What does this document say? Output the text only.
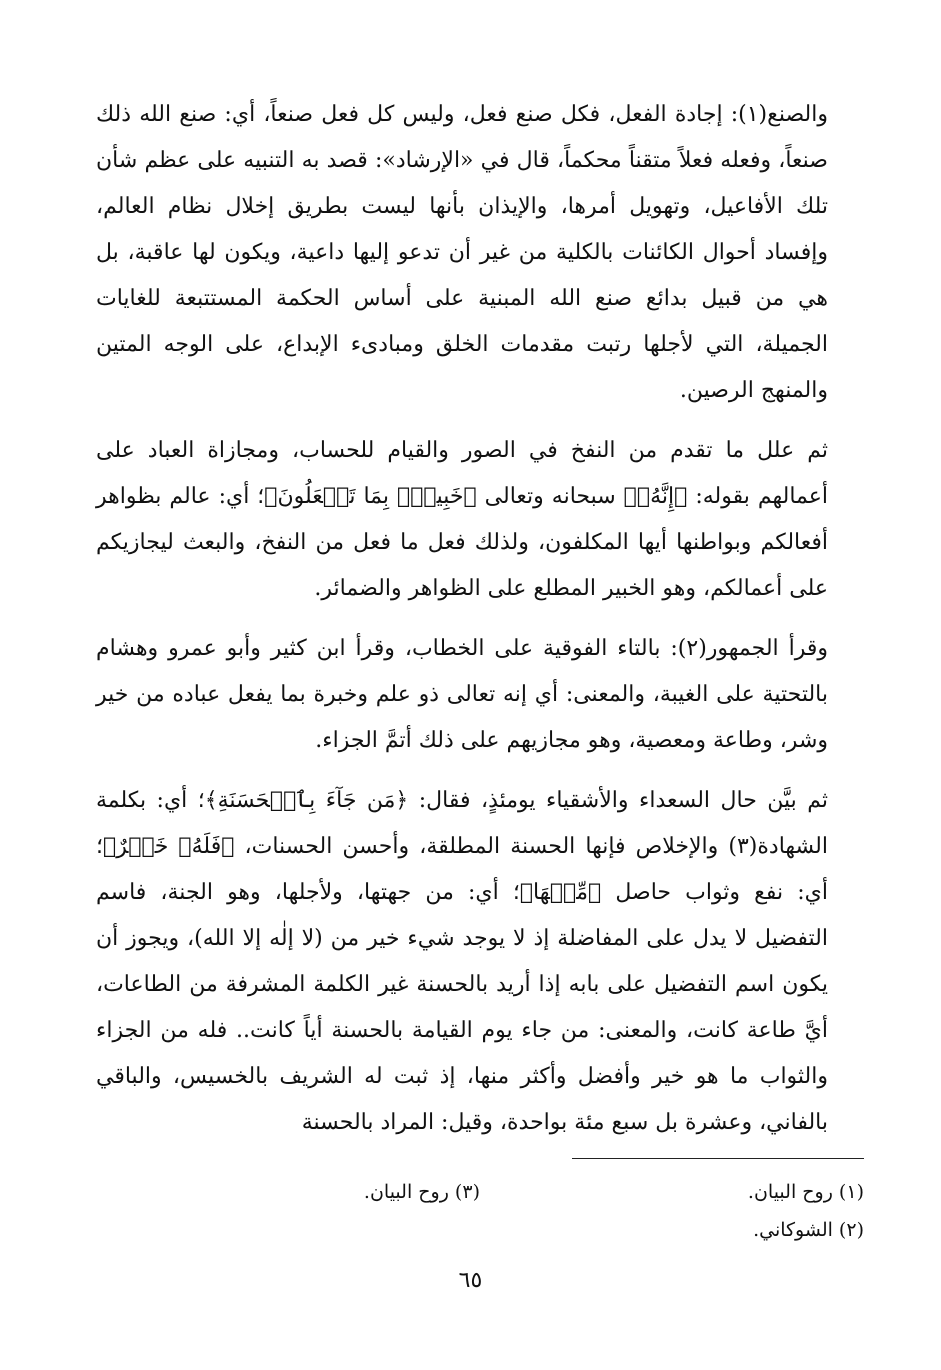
والصنع(١): إجادة الفعل، فكل صنع فعل، وليس كل فعل صنعاً، أي: صنع الله ذلك صنعاً، وفعله فعلاً متقناً محكماً، قال في «الإرشاد»: قصد به التنبيه على عظم شأن تلك الأفاعيل، وتهويل أمرها، والإيذان بأنها ليست بطريق إخلال نظام العالم، وإفساد أحوال الكائنات بالكلية من غير أن تدعو إليها داعية، ويكون لها عاقبة، بل هي من قبيل بدائع صنع الله المبنية على أساس الحكمة المستتبعة للغايات الجميلة، التي لأجلها رتبت مقدمات الخلق ومبادىء الإبداع، على الوجه المتين والمنهج الرصين.

ثم علل ما تقدم من النفخ في الصور والقيام للحساب، ومجازاة العباد على أعمالهم بقوله: ﴿إِنَّهُۥ﴾ سبحانه وتعالى ﴿خَبِيرٌۢ بِمَا تَفۡعَلُونَ﴾؛ أي: عالم بظواهر أفعالكم وبواطنها أيها المكلفون، ولذلك فعل ما فعل من النفخ، والبعث ليجازيكم على أعمالكم، وهو الخبير المطلع على الظواهر والضمائر.

وقرأ الجمهور(٢): بالتاء الفوقية على الخطاب، وقرأ ابن كثير وأبو عمرو وهشام بالتحتية على الغيبة، والمعنى: أي إنه تعالى ذو علم وخبرة بما يفعل عباده من خير وشر، وطاعة ومعصية، وهو مجازيهم على ذلك أتمَّ الجزاء.

ثم بيَّن حال السعداء والأشقياء يومئذٍ، فقال: ﴿مَن جَآءَ بِٱلۡحَسَنَةِ﴾؛ أي: بكلمة الشهادة(٣) والإخلاص فإنها الحسنة المطلقة، وأحسن الحسنات، ﴿فَلَهُۥ خَيۡرٌ﴾؛ أي: نفع وثواب حاصل ﴿مِّنۡهَا﴾؛ أي: من جهتها، ولأجلها، وهو الجنة، فاسم التفضيل لا يدل على المفاضلة إذ لا يوجد شيء خير من (لا إلٰه إلا الله)، ويجوز أن يكون اسم التفضيل على بابه إذا أريد بالحسنة غير الكلمة المشرفة من الطاعات، أيَّ طاعة كانت، والمعنى: من جاء يوم القيامة بالحسنة أياً كانت.. فله من الجزاء والثواب ما هو خير وأفضل وأكثر منها، إذ ثبت له الشريف بالخسيس، والباقي بالفاني، وعشرة بل سبع مئة بواحدة، وقيل: المراد بالحسنة

(١) روح البيان.
(٣) روح البيان.
(٢) الشوكاني.
٦٥
